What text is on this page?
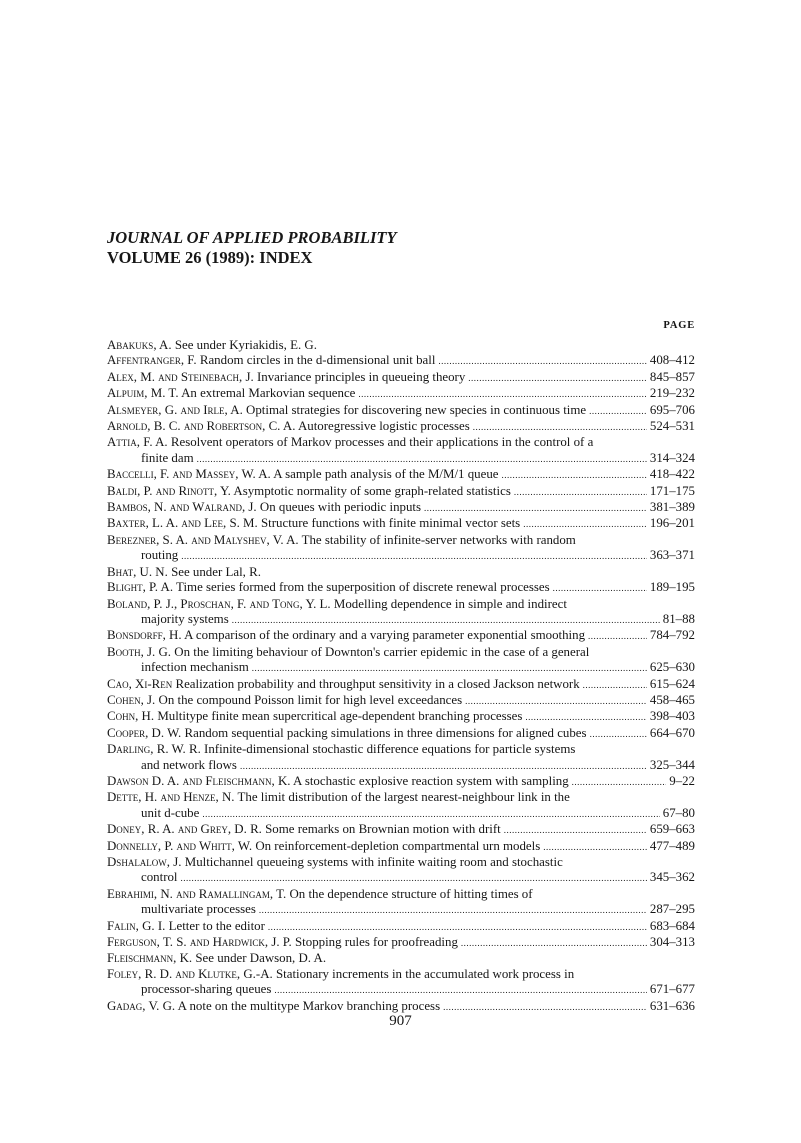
JOURNAL OF APPLIED PROBABILITY
VOLUME 26 (1989): INDEX
PAGE
Abakuks, A. See under Kyriakidis, E. G.
Affentranger, F. Random circles in the d-dimensional unit ball .....	408–412
Alex, M. and Steinebach, J. Invariance principles in queueing theory .....	845–857
Alpuim, M. T. An extremal Markovian sequence .....	219–232
Alsmeyer, G. and Irle, A. Optimal strategies for discovering new species in continuous time .....	695–706
Arnold, B. C. and Robertson, C. A. Autoregressive logistic processes .....	524–531
Attia, F. A. Resolvent operators of Markov processes and their applications in the control of a
finite dam .....	314–324
Baccelli, F. and Massey, W. A. A sample path analysis of the M/M/1 queue .....	418–422
Baldi, P. and Rinott, Y. Asymptotic normality of some graph-related statistics .....	171–175
Bambos, N. and Walrand, J. On queues with periodic inputs .....	381–389
Baxter, L. A. and Lee, S. M. Structure functions with finite minimal vector sets .....	196–201
Berezner, S. A. and Malyshev, V. A. The stability of infinite-server networks with random
routing .....	363–371
Bhat, U. N. See under Lal, R.
Blight, P. A. Time series formed from the superposition of discrete renewal processes .....	189–195
Boland, P. J., Proschan, F. and Tong, Y. L. Modelling dependence in simple and indirect
majority systems .....	81–88
Bonsdorff, H. A comparison of the ordinary and a varying parameter exponential smoothing .....	784–792
Booth, J. G. On the limiting behaviour of Downton's carrier epidemic in the case of a general
infection mechanism .....	625–630
Cao, Xi-Ren Realization probability and throughput sensitivity in a closed Jackson network .....	615–624
Cohen, J. On the compound Poisson limit for high level exceedances .....	458–465
Cohn, H. Multitype finite mean supercritical age-dependent branching processes .....	398–403
Cooper, D. W. Random sequential packing simulations in three dimensions for aligned cubes .....	664–670
Darling, R. W. R. Infinite-dimensional stochastic difference equations for particle systems
and network flows .....	325–344
Dawson D. A. and Fleischmann, K. A stochastic explosive reaction system with sampling .....	9–22
Dette, H. and Henze, N. The limit distribution of the largest nearest-neighbour link in the
unit d-cube .....	67–80
Doney, R. A. and Grey, D. R. Some remarks on Brownian motion with drift .....	659–663
Donnelly, P. and Whitt, W. On reinforcement-depletion compartmental urn models .....	477–489
Dshalalow, J. Multichannel queueing systems with infinite waiting room and stochastic
control .....	345–362
Ebrahimi, N. and Ramallingam, T. On the dependence structure of hitting times of
multivariate processes .....	287–295
Falin, G. I. Letter to the editor .....	683–684
Ferguson, T. S. and Hardwick, J. P. Stopping rules for proofreading .....	304–313
Fleischmann, K. See under Dawson, D. A.
Foley, R. D. and Klutke, G.-A. Stationary increments in the accumulated work process in
processor-sharing queues .....	671–677
Gadag, V. G. A note on the multitype Markov branching process .....	631–636
907
